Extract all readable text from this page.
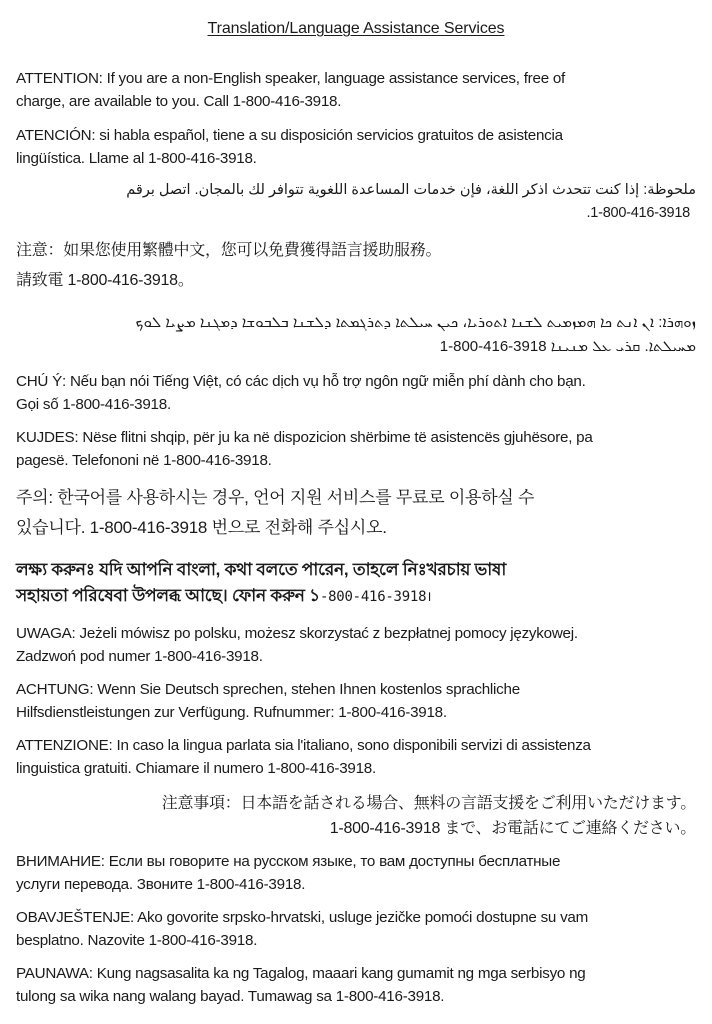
Translation/Language Assistance Services
ATTENTION: If you are a non-English speaker, language assistance services, free of
charge, are available to you. Call 1-800-416-3918.
ATENCIÓN: si habla español, tiene a su disposición servicios gratuitos de asistencia
lingüística. Llame al 1-800-416-3918.
ملحوظة: إذا كنت تتحدث اذكر اللغة، فإن خدمات المساعدة اللغوية تتوافر لك بالمجان. اتصل برقم
.1-800-416-3918
注意：如果您使用繁體中文，您可以免費獲得語言援助服務。
請致電 1-800-416-3918。
ܙܘܗܪܐ: ܐܢ ܐܢܬ ܟܐ ܗܡܙܡܝܬ ܠܫܢܐ ܐܬܘܪܝܐ، ܟܝܢ ܚܝܠܬܐ ܕܬܪܓܡܬܐ ܕܠܫܢܐ ܒܠܒܘܫܐ ܕܡܓܢܐ ܡܨܝܐ ܠܘܟ
ܡܚܝܠܬܐ. ܩܪܝ ܥܠ ܡܢܝܢܐ 1-800-416-3918
CHÚ Ý: Nếu bạn nói Tiếng Việt, có các dịch vụ hỗ trợ ngôn ngữ miễn phí dành cho bạn.
Gọi số 1-800-416-3918.
KUJDES: Nëse flitni shqip, për ju ka në dispozicion shërbime të asistencës gjuhësore, pa
pagesë. Telefononi në 1-800-416-3918.
주의: 한국어를 사용하시는 경우, 언어 지원 서비스를 무료로 이용하실 수
있습니다. 1-800-416-3918 번으로 전화해 주십시오.
লক্ষ্য করুনঃ যদি আপনি বাংলা, কথা বলতে পারেন, তাহলে নিঃখরচায় ভাষা
সহায়তা পরিষেবা উপলব্ধ আছে। ফোন করুন ১-800-416-3918।
UWAGA: Jeżeli mówisz po polsku, możesz skorzystać z bezpłatnej pomocy językowej.
Zadzwoń pod numer 1-800-416-3918.
ACHTUNG: Wenn Sie Deutsch sprechen, stehen Ihnen kostenlos sprachliche
Hilfsdienstleistungen zur Verfügung. Rufnummer: 1-800-416-3918.
ATTENZIONE: In caso la lingua parlata sia l'italiano, sono disponibili servizi di assistenza
linguistica gratuiti. Chiamare il numero 1-800-416-3918.
注意事項：日本語を話される場合、無料の言語支援をご利用いただけます。
1-800-416-3918 まで、お電話にてご連絡ください。
ВНИМАНИЕ: Если вы говорите на русском языке, то вам доступны бесплатные
услуги перевода. Звоните 1-800-416-3918.
OBAVJEŠTENJE: Ako govorite srpsko-hrvatski, usluge jezičke pomoći dostupne su vam
besplatno. Nazovite 1-800-416-3918.
PAUNAWA: Kung nagsasalita ka ng Tagalog, maaari kang gumamit ng mga serbisyo ng
tulong sa wika nang walang bayad. Tumawag sa 1-800-416-3918.
